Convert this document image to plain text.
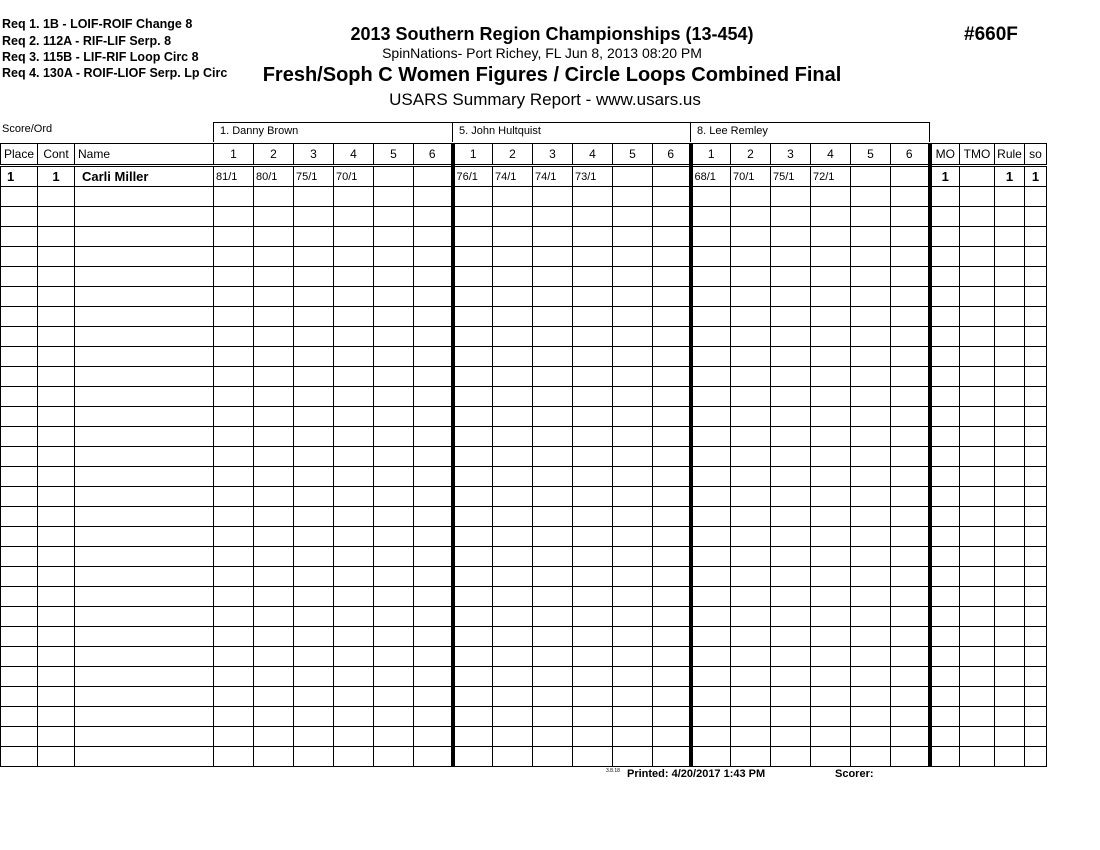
Req 1. 1B - LOIF-ROIF Change 8
Req 2. 112A - RIF-LIF Serp. 8
Req 3. 115B - LIF-RIF Loop Circ 8
Req 4. 130A - ROIF-LIOF Serp. Lp Circ
2013 Southern Region Championships (13-454)
SpinNations- Port Richey, FL Jun 8, 2013 08:20 PM
Fresh/Soph C Women Figures / Circle Loops Combined Final
USARS Summary Report - www.usars.us
#660F
Score/Ord	1. Danny Brown	5. John Hultquist	8. Lee Remley
Place	Cont	Name	1	2	3	4	5	6	1	2	3	4	5	6	1	2	3	4	5	6	MO	TMO	Rule	so
1	1	Carli Miller	81/1	80/1	75/1	70/1			76/1	74/1	74/1	73/1			68/1	70/1	75/1	72/1			1		1	1

3.8.18 Printed: 4/20/2017 1:43 PM	Scorer:
